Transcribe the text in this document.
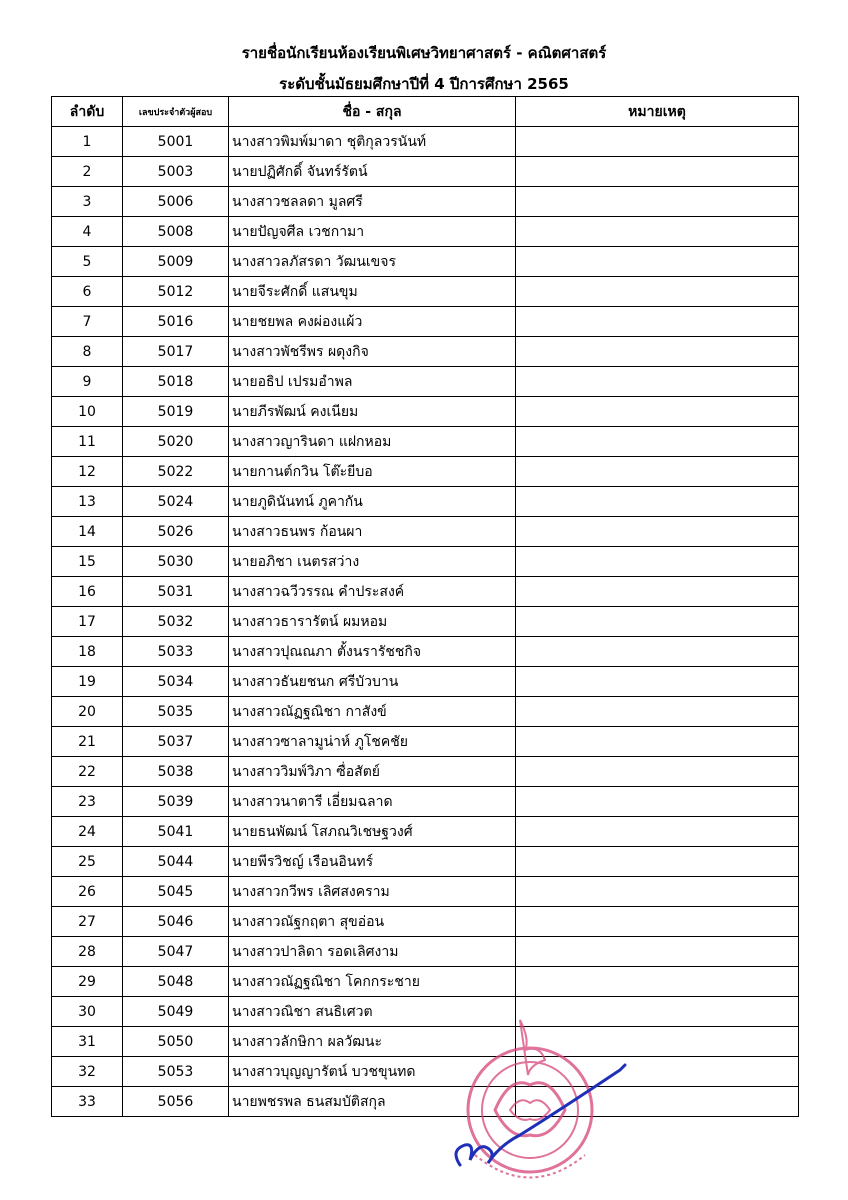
รายชื่อนักเรียนห้องเรียนพิเศษวิทยาศาสตร์ - คณิตศาสตร์
ระดับชั้นมัธยมศึกษาปีที่ 4 ปีการศึกษา 2565
ลำดับ	เลขประจำตัวผู้สอบ	ชื่อ - สกุล	หมายเหตุ
1	5001	นางสาวพิมพ์มาดา ชุติกุลวรนันท์	
2	5003	นายปฏิศักดิ์ จันทร์รัตน์	
3	5006	นางสาวชลลดา มูลศรี	
4	5008	นายปัญจศีล เวชกามา	
5	5009	นางสาวลภัสรดา วัฒนเขจร	
6	5012	นายจีระศักดิ์ แสนขุม	
7	5016	นายชยพล คงผ่องแผ้ว	
8	5017	นางสาวพัชรีพร ผดุงกิจ	
9	5018	นายอธิป เปรมอำพล	
10	5019	นายภีรพัฒน์ คงเนียม	
11	5020	นางสาวญารินดา แฝกหอม	
12	5022	นายกานต์กวิน โต๊ะยีบอ	
13	5024	นายภูดินันทน์ ภูคากัน	
14	5026	นางสาวธนพร ก้อนผา	
15	5030	นายอภิชา เนตรสว่าง	
16	5031	นางสาวฉวีวรรณ คำประสงค์	
17	5032	นางสาวธารารัตน์ ผมหอม	
18	5033	นางสาวปุณณภา ตั้งนรารัชชกิจ	
19	5034	นางสาวธันยชนก ศรีบัวบาน	
20	5035	นางสาวณัฏฐณิชา กาสังข์	
21	5037	นางสาวซาลามูน่าห์ ภูโชคชัย	
22	5038	นางสาววิมพ์วิภา ซื่อสัตย์	
23	5039	นางสาวนาตารี เอี่ยมฉลาด	
24	5041	นายธนพัฒน์ โสภณวิเชษฐวงศ์	
25	5044	นายพีรวิชญ์ เรือนอินทร์	
26	5045	นางสาวกวีพร เลิศสงคราม	
27	5046	นางสาวณัฐกฤตา สุขอ่อน	
28	5047	นางสาวปาลิดา รอดเลิศงาม	
29	5048	นางสาวณัฏฐณิชา โคกกระชาย	
30	5049	นางสาวณิชา สนธิเศวต	
31	5050	นางสาวลักษิกา ผลวัฒนะ	
32	5053	นางสาวบุญญารัตน์ บวชขุนทด	
33	5056	นายพชรพล ธนสมบัติสกุล	
